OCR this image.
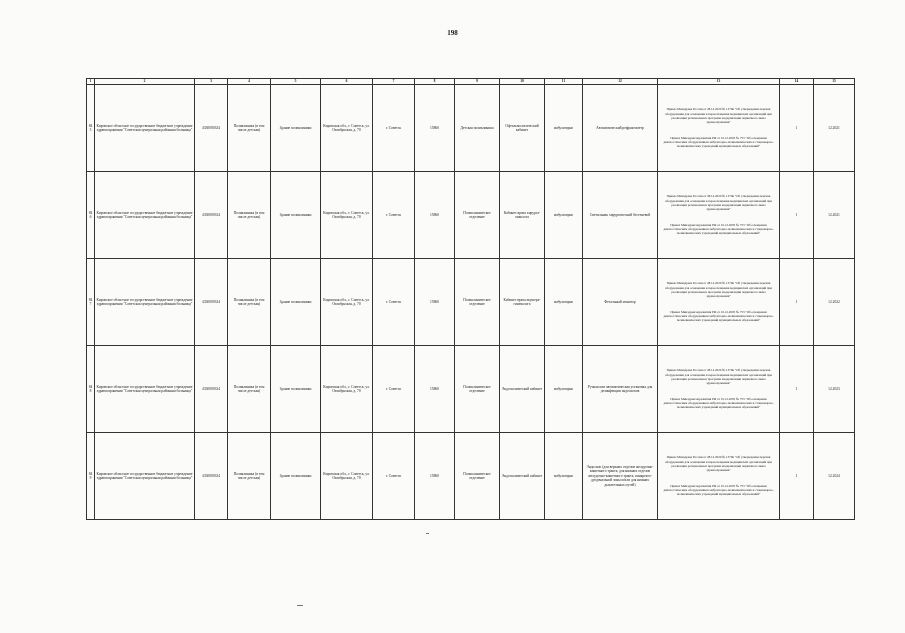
198
1	2	3	4	5	6	7	8	9	10	11	12	13	14	15
845	Кировское областное государственное бюджетное учреждение здравоохранения "Советская центральная районная больница"	4330000334	Поликлиника (в том числе детская)	Здание поликлиники	Кировская обл., г. Советск, ул. Октябрьская, д. 70	г. Советск	15860	Детская поликлиника	Офтальмологический кабинет	амбулаторно	Автоматический рефрактометр	Приказ Минздрава России от 28.12.2020 № 1379н "Об утверждении перечня оборудования для оснащения и переоснащения медицинских организаций при реализации региональных программ модернизации первичного звена здравоохранения"
Приказ Минздравсоцразвития РФ от 01.12.2005 № 753 "Об оснащении диагностическим оборудованием амбулаторно-поликлинических и стационарно-поликлинических учреждений муниципальных образований"	1	12.2021
846	Кировское областное государственное бюджетное учреждение здравоохранения "Советская центральная районная больница"	4330000334	Поликлиника (в том числе детская)	Здание поликлиники	Кировская обл., г. Советск, ул. Октябрьская, д. 70	г. Советск	15860	Поликлиническое отделение	Кабинет врача хирурга-онколога	амбулаторно	Светильник хирургический бестеневой	Приказ Минздрава России от 28.12.2020 № 1379н "Об утверждении перечня оборудования для оснащения и переоснащения медицинских организаций при реализации региональных программ модернизации первичного звена здравоохранения"
Приказ Минздравсоцразвития РФ от 01.12.2005 № 753 "Об оснащении диагностическим оборудованием амбулаторно-поликлинических и стационарно-поликлинических учреждений муниципальных образований"	1	12.2021
847	Кировское областное государственное бюджетное учреждение здравоохранения "Советская центральная районная больница"	4330000334	Поликлиника (в том числе детская)	Здание поликлиники	Кировская обл., г. Советск, ул. Октябрьская, д. 70	г. Советск	15860	Поликлиническое отделение	Кабинет врача акушера-гинеколога	амбулаторно	Фетальный монитор	Приказ Минздрава России от 28.12.2020 № 1379н "Об утверждении перечня оборудования для оснащения и переоснащения медицинских организаций при реализации региональных программ модернизации первичного звена здравоохранения"
Приказ Минздравсоцразвития РФ от 01.12.2005 № 753 "Об оснащении диагностическим оборудованием амбулаторно-поликлинических и стационарно-поликлинических учреждений муниципальных образований"	1	12.2022
848	Кировское областное государственное бюджетное учреждение здравоохранения "Советская центральная районная больница"	4330000334	Поликлиника (в том числе детская)	Здание поликлиники	Кировская обл., г. Советск, ул. Октябрьская, д. 70	г. Советск	15860	Поликлиническое отделение	Эндоскопический кабинет	амбулаторно	Ручная или автоматическая установка для дезинфекции эндоскопов	Приказ Минздрава России от 28.12.2020 № 1379н "Об утверждении перечня оборудования для оснащения и переоснащения медицинских организаций при реализации региональных программ модернизации первичного звена здравоохранения"
Приказ Минздравсоцразвития РФ от 01.12.2005 № 753 "Об оснащении диагностическим оборудованием амбулаторно-поликлинических и стационарно-поликлинических учреждений муниципальных образований"	1	12.2023
849	Кировское областное государственное бюджетное учреждение здравоохранения "Советская центральная районная больница"	4330000334	Поликлиника (в том числе детская)	Здание поликлиники	Кировская обл., г. Советск, ул. Октябрьская, д. 70	г. Советск	15860	Поликлиническое отделение	Эндоскопический кабинет	амбулаторно	Эндоскоп (для верхних отделов желудочно-кишечного тракта, для нижних отделов желудочно-кишечного тракта, панкреато-дуоденальной зоны и/или для нижних дыхательных путей)	Приказ Минздрава России от 28.12.2020 № 1379н "Об утверждении перечня оборудования для оснащения и переоснащения медицинских организаций при реализации региональных программ модернизации первичного звена здравоохранения"
Приказ Минздравсоцразвития РФ от 01.12.2005 № 753 "Об оснащении диагностическим оборудованием амбулаторно-поликлинических и стационарно-поликлинических учреждений муниципальных образований"	1	12.2024
